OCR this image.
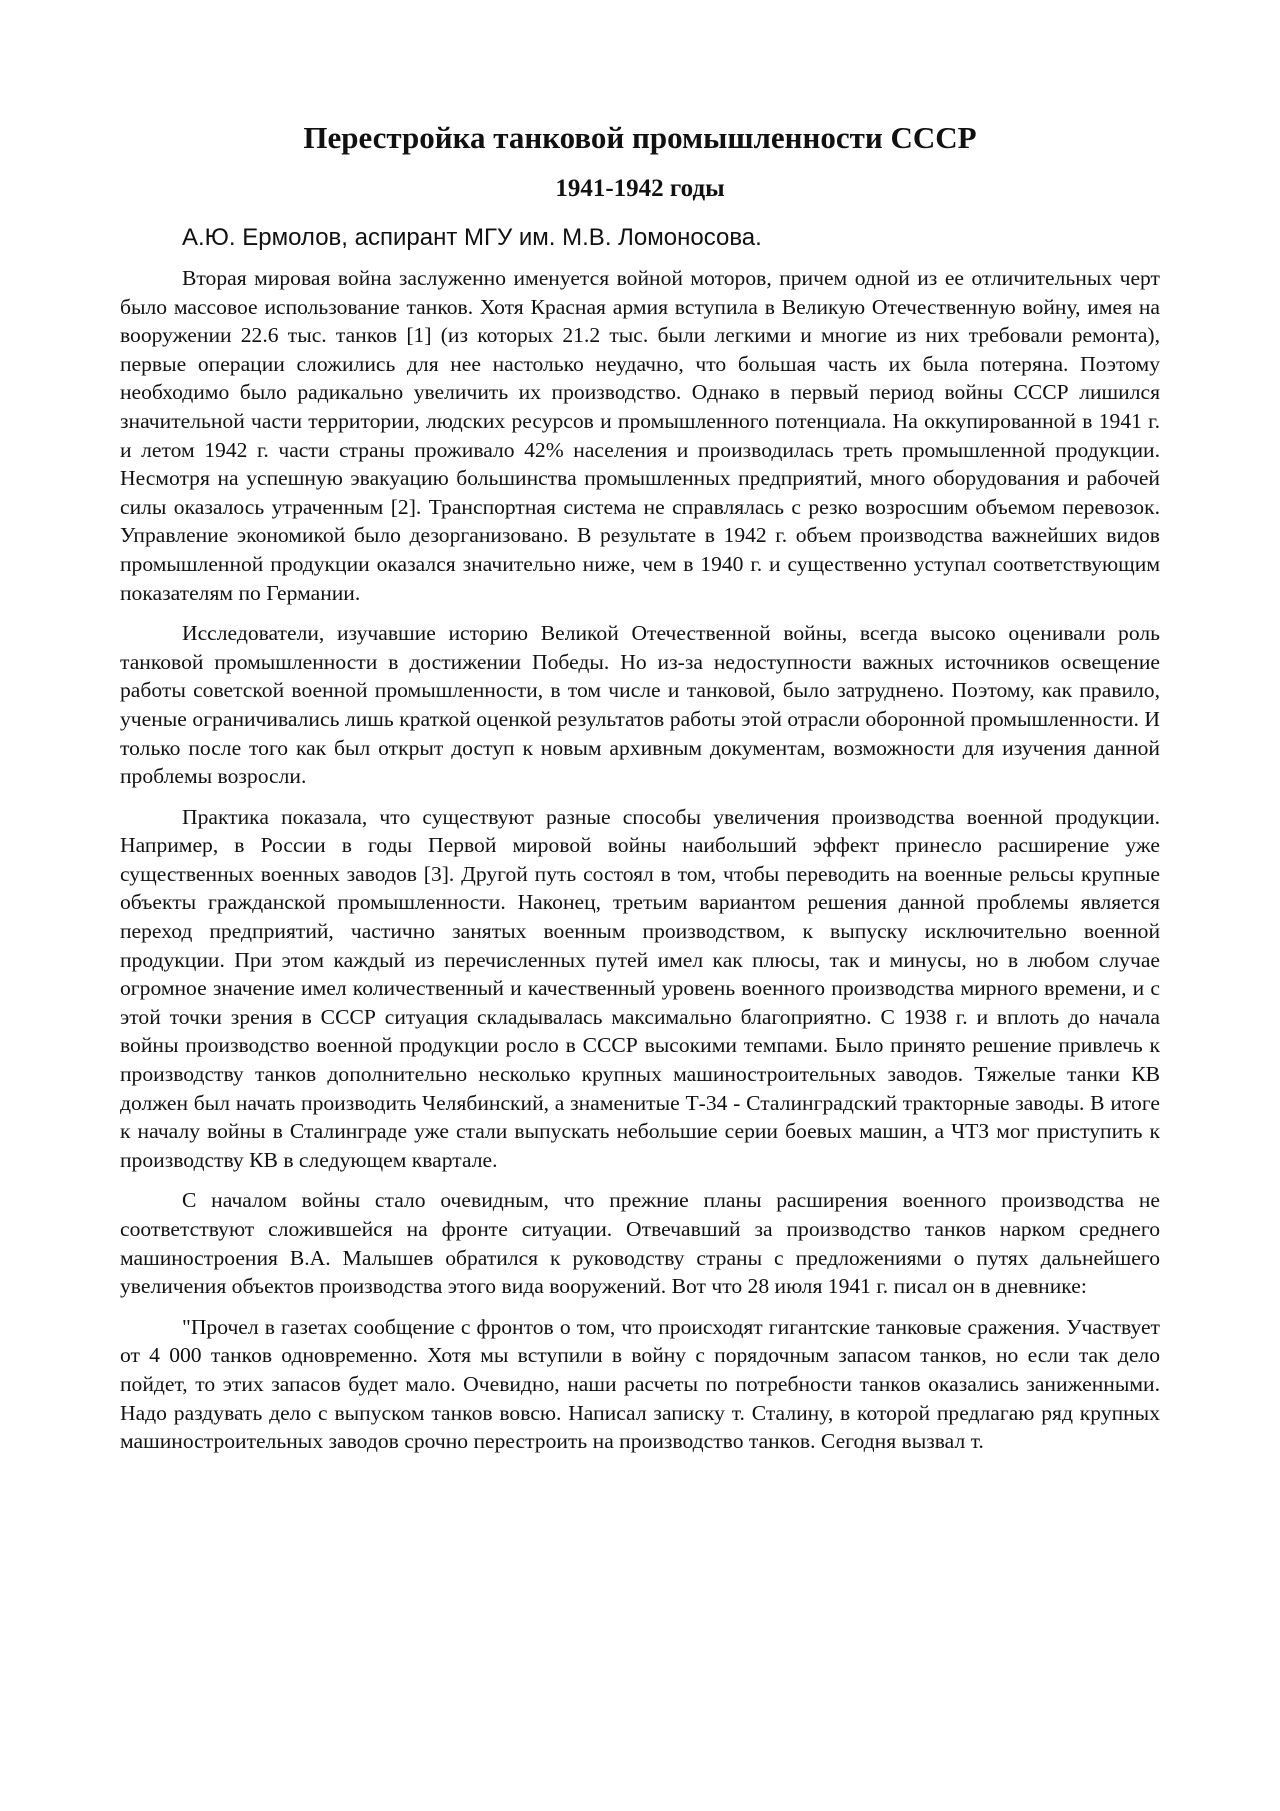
Перестройка танковой промышленности СССР
1941-1942 годы
А.Ю. Ермолов, аспирант МГУ им. М.В. Ломоносова.

Вторая мировая война заслуженно именуется войной моторов, причем одной из ее отличительных черт было массовое использование танков. Хотя Красная армия вступила в Великую Отечественную войну, имея на вооружении 22.6 тыс. танков [1] (из которых 21.2 тыс. были легкими и многие из них требовали ремонта), первые операции сложились для нее настолько неудачно, что большая часть их была потеряна. Поэтому необходимо было радикально увеличить их производство. Однако в первый период войны СССР лишился значительной части территории, людских ресурсов и промышленного потенциала. На оккупированной в 1941 г. и летом 1942 г. части страны проживало 42% населения и производилась треть промышленной продукции. Несмотря на успешную эвакуацию большинства промышленных предприятий, много оборудования и рабочей силы оказалось утраченным [2]. Транспортная система не справлялась с резко возросшим объемом перевозок. Управление экономикой было дезорганизовано. В результате в 1942 г. объем производства важнейших видов промышленной продукции оказался значительно ниже, чем в 1940 г. и существенно уступал соответствующим показателям по Германии.

Исследователи, изучавшие историю Великой Отечественной войны, всегда высоко оценивали роль танковой промышленности в достижении Победы. Но из-за недоступности важных источников освещение работы советской военной промышленности, в том числе и танковой, было затруднено. Поэтому, как правило, ученые ограничивались лишь краткой оценкой результатов работы этой отрасли оборонной промышленности. И только после того как был открыт доступ к новым архивным документам, возможности для изучения данной проблемы возросли.

Практика показала, что существуют разные способы увеличения производства военной продукции. Например, в России в годы Первой мировой войны наибольший эффект принесло расширение уже существенных военных заводов [3]. Другой путь состоял в том, чтобы переводить на военные рельсы крупные объекты гражданской промышленности. Наконец, третьим вариантом решения данной проблемы является переход предприятий, частично занятых военным производством, к выпуску исключительно военной продукции. При этом каждый из перечисленных путей имел как плюсы, так и минусы, но в любом случае огромное значение имел количественный и качественный уровень военного производства мирного времени, и с этой точки зрения в СССР ситуация складывалась максимально благоприятно. С 1938 г. и вплоть до начала войны производство военной продукции росло в СССР высокими темпами. Было принято решение привлечь к производству танков дополнительно несколько крупных машиностроительных заводов. Тяжелые танки КВ должен был начать производить Челябинский, а знаменитые Т-34 - Сталинградский тракторные заводы. В итоге к началу войны в Сталинграде уже стали выпускать небольшие серии боевых машин, а ЧТЗ мог приступить к производству КВ в следующем квартале.

С началом войны стало очевидным, что прежние планы расширения военного производства не соответствуют сложившейся на фронте ситуации. Отвечавший за производство танков нарком среднего машиностроения В.А. Малышев обратился к руководству страны с предложениями о путях дальнейшего увеличения объектов производства этого вида вооружений. Вот что 28 июля 1941 г. писал он в дневнике:

"Прочел в газетах сообщение с фронтов о том, что происходят гигантские танковые сражения. Участвует от 4 000 танков одновременно. Хотя мы вступили в войну с порядочным запасом танков, но если так дело пойдет, то этих запасов будет мало. Очевидно, наши расчеты по потребности танков оказались заниженными. Надо раздувать дело с выпуском танков вовсю. Написал записку т. Сталину, в которой предлагаю ряд крупных машиностроительных заводов срочно перестроить на производство танков. Сегодня вызвал т.
